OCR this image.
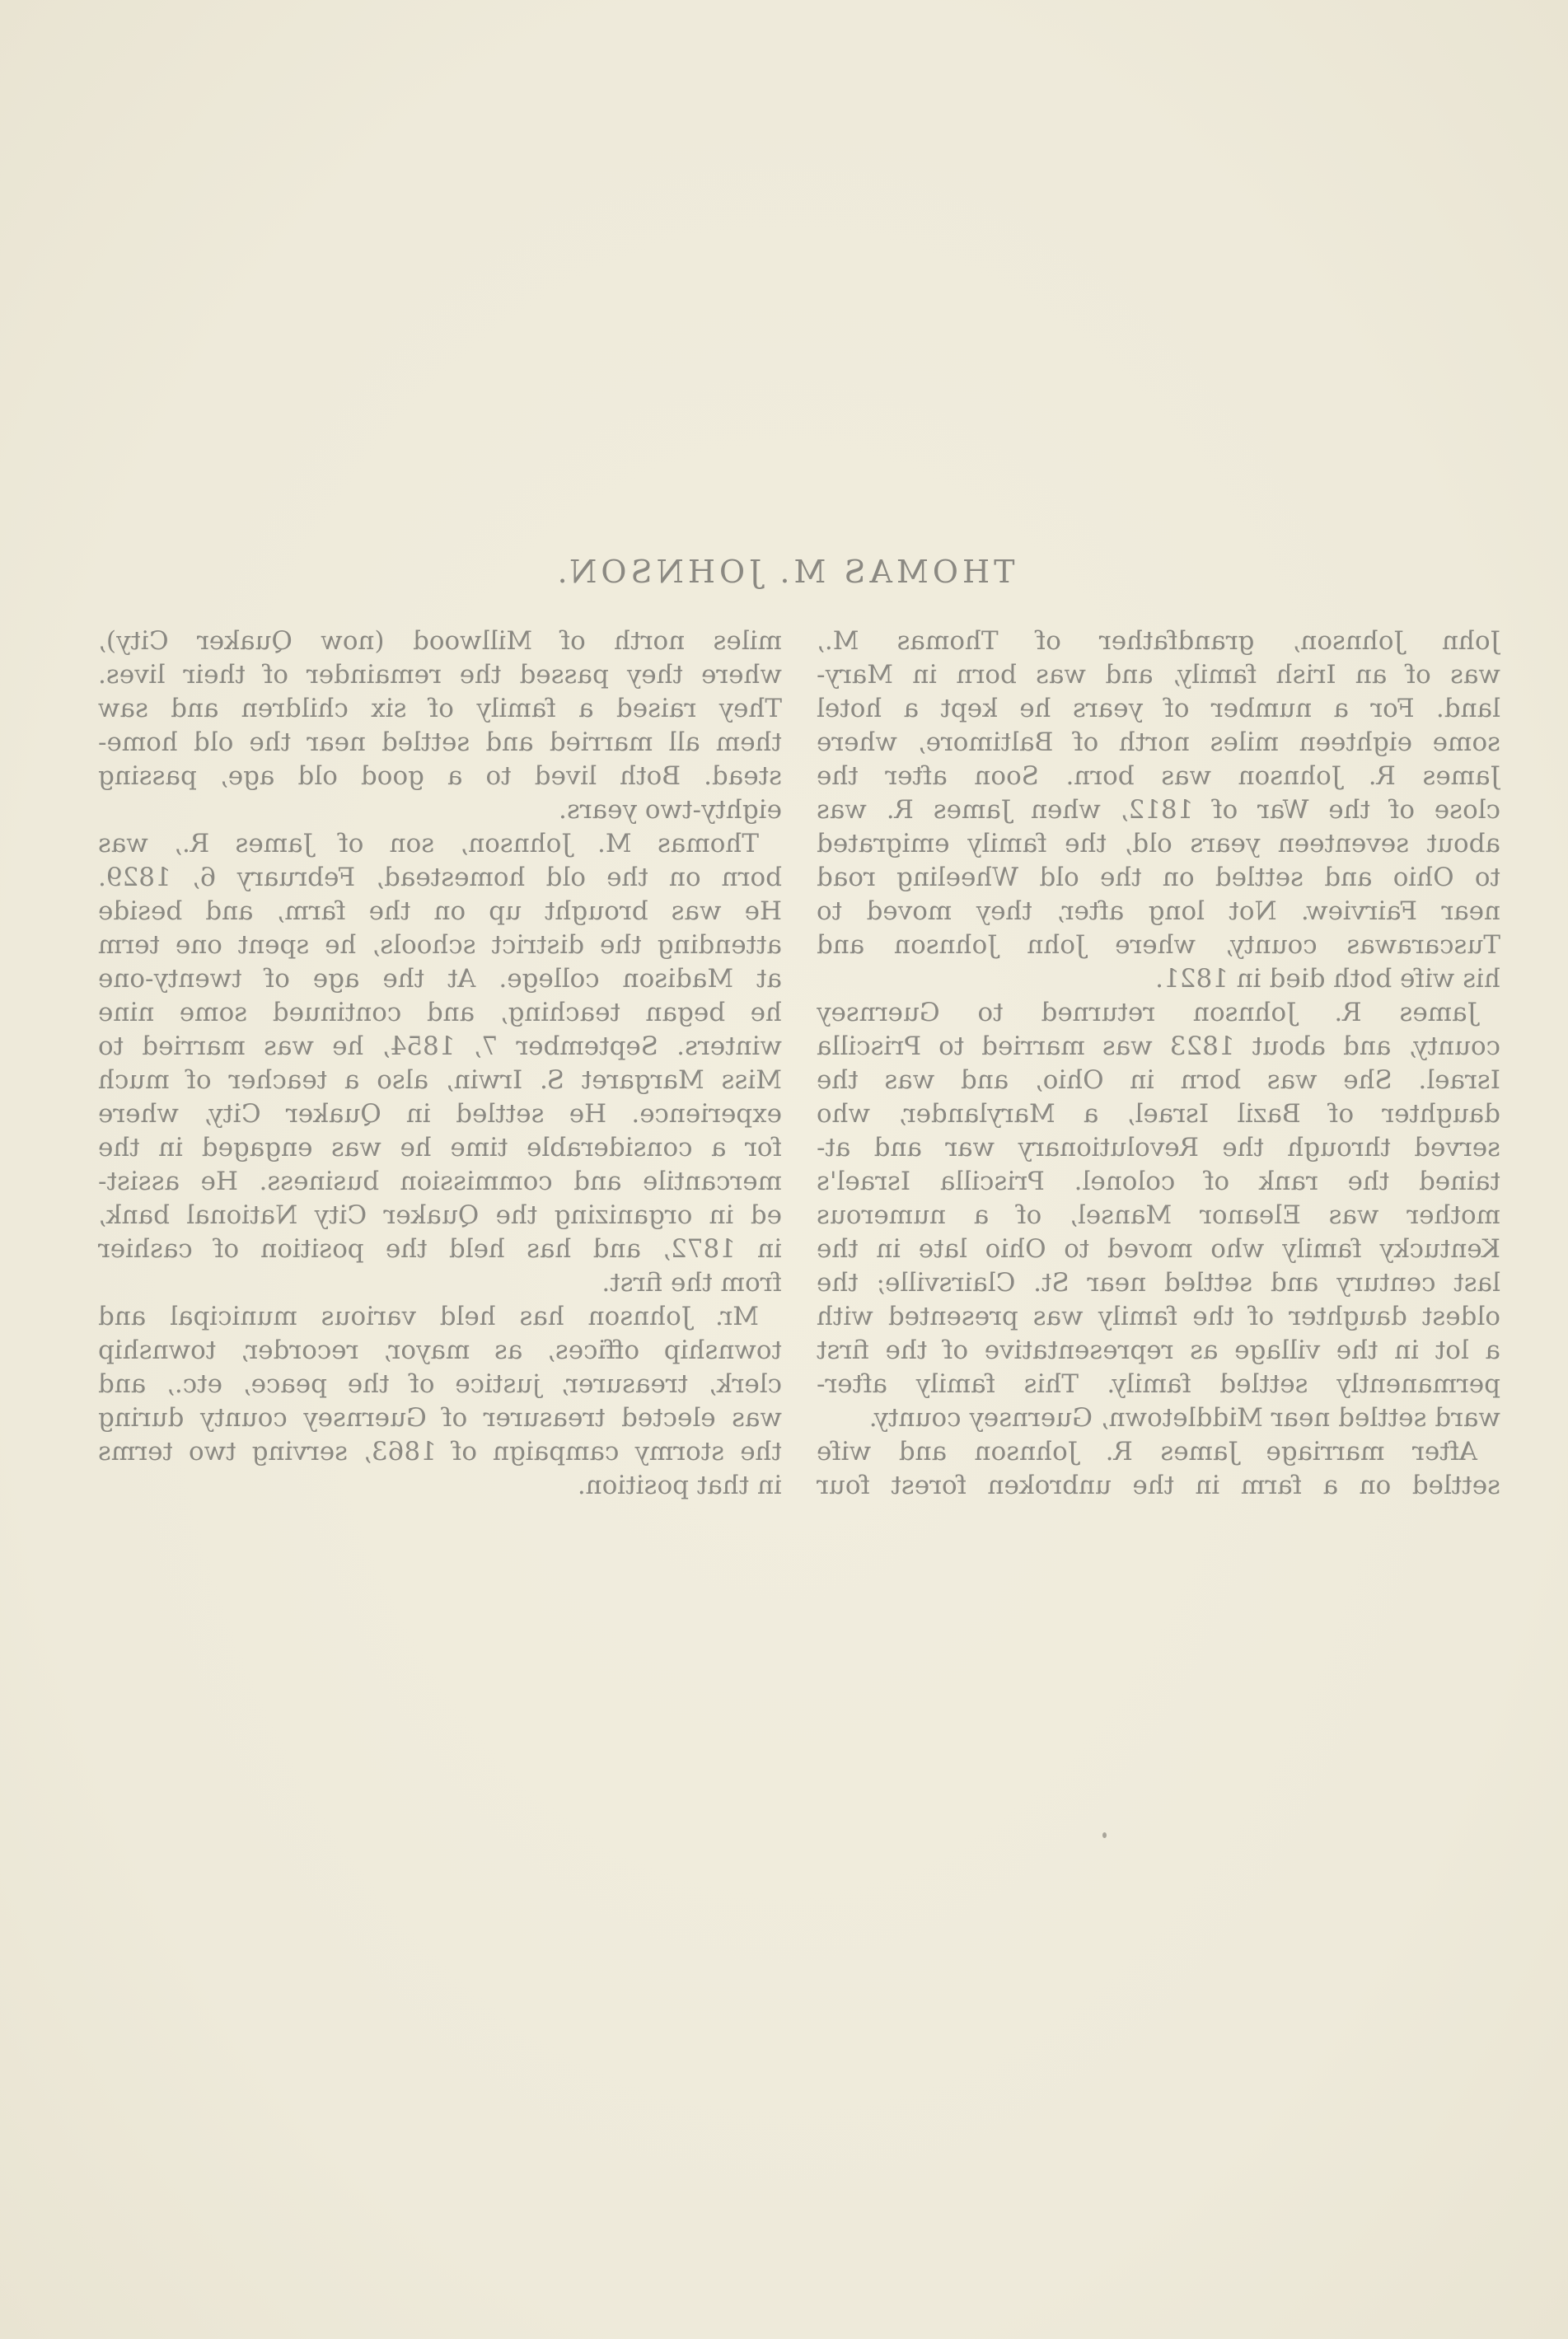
THOMAS M. JOHNSON.
John Johnson, grandfather of Thomas M.,
was of an Irish family, and was born in Mary-
land. For a number of years he kept a hotel
some eighteen miles north of Baltimore, where
James R. Johnson was born. Soon after the
close of the War of 1812, when James R. was
about seventeen years old, the family emigrated
to Ohio and settled on the old Wheeling road
near Fairview. Not long after, they moved to
Tuscarawas county, where John Johnson and
his wife both died in 1821.
James R. Johnson returned to Guernsey
county, and about 1823 was married to Priscilla
Israel. She was born in Ohio, and was the
daughter of Bazil Israel, a Marylander, who
served through the Revolutionary war and at-
tained the rank of colonel. Priscilla Israel's
mother was Eleanor Mansel, of a numerous
Kentucky family who moved to Ohio late in the
last century and settled near St. Clairsville; the
oldest daughter of the family was presented with
a lot in the village as representative of the first
permanently settled family. This family after-
ward settled near Middletown, Guernsey county.
After marriage James R. Johnson and wife
settled on a farm in the unbroken forest four
miles north of Millwood (now Quaker City),
where they passed the remainder of their lives.
They raised a family of six children and saw
them all married and settled near the old home-
stead. Both lived to a good old age, passing
eighty-two years.
Thomas M. Johnson, son of James R., was
born on the old homestead, February 6, 1829.
He was brought up on the farm, and beside
attending the district schools, he spent one term
at Madison college. At the age of twenty-one
he began teaching, and continued some nine
winters. September 7, 1854, he was married to
Miss Margaret S. Irwin, also a teacher of much
experience. He settled in Quaker City, where
for a considerable time he was engaged in the
mercantile and commission business. He assist-
ed in organizing the Quaker City National bank,
in 1872, and has held the position of cashier
from the first.
Mr. Johnson has held various municipal and
township offices, as mayor, recorder, township
clerk, treasurer, justice of the peace, etc., and
was elected treasurer of Guernsey county during
the stormy campaign of 1863, serving two terms
in that position.
